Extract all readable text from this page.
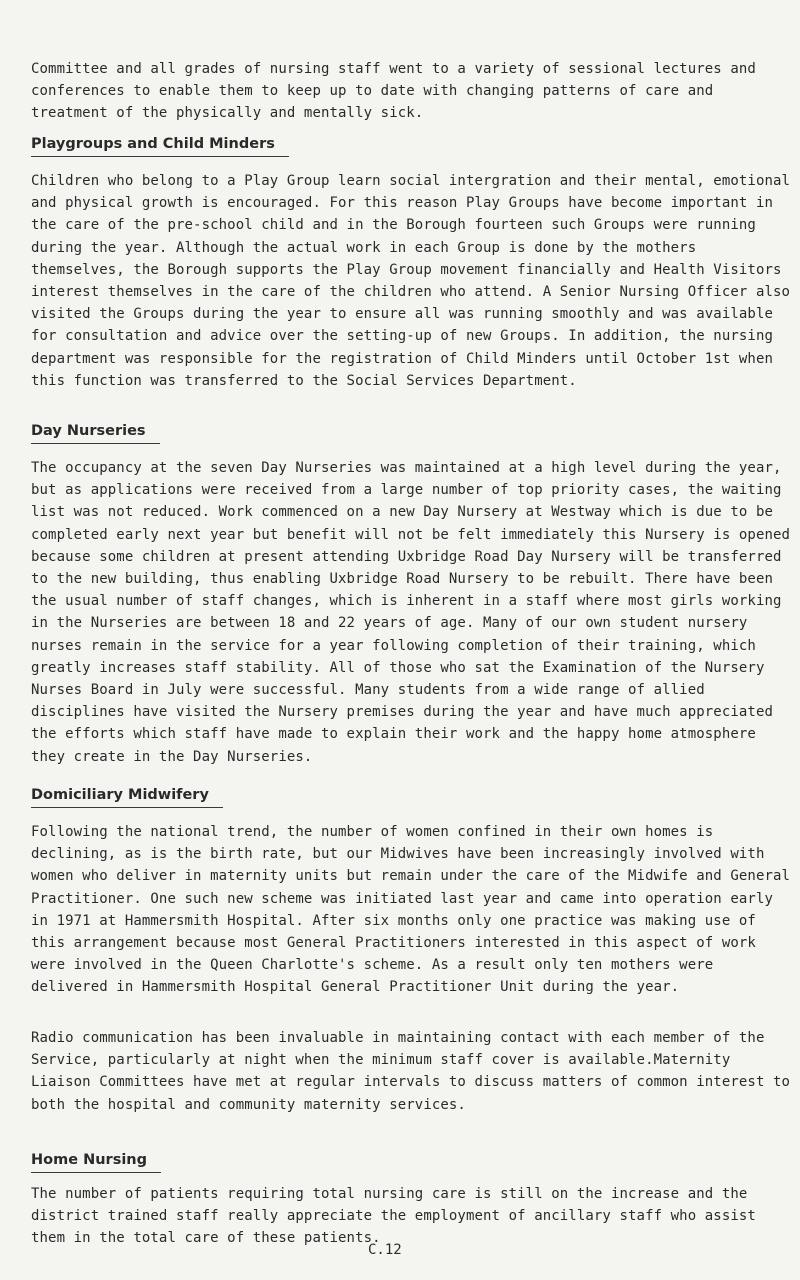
Committee and all grades of nursing staff went to a variety of sessional lectures and conferences to enable them to keep up to date with changing patterns of care and treatment of the physically and mentally sick.

Playgroups and Child Minders

Children who belong to a Play Group learn social intergration and their mental, emotional and physical growth is encouraged. For this reason Play Groups have become important in the care of the pre-school child and in the Borough fourteen such Groups were running during the year. Although the actual work in each Group is done by the mothers themselves, the Borough supports the Play Group movement financially and Health Visitors interest themselves in the care of the children who attend. A Senior Nursing Officer also visited the Groups during the year to ensure all was running smoothly and was available for consultation and advice over the setting-up of new Groups. In addition, the nursing department was responsible for the registration of Child Minders until October 1st when this function was transferred to the Social Services Department.

Day Nurseries

The occupancy at the seven Day Nurseries was maintained at a high level during the year, but as applications were received from a large number of top priority cases, the waiting list was not reduced. Work commenced on a new Day Nursery at Westway which is due to be completed early next year but benefit will not be felt immediately this Nursery is opened because some children at present attending Uxbridge Road Day Nursery will be transferred to the new building, thus enabling Uxbridge Road Nursery to be rebuilt. There have been the usual number of staff changes, which is inherent in a staff where most girls working in the Nurseries are between 18 and 22 years of age. Many of our own student nursery nurses remain in the service for a year following completion of their training, which greatly increases staff stability. All of those who sat the Examination of the Nursery Nurses Board in July were successful. Many students from a wide range of allied disciplines have visited the Nursery premises during the year and have much appreciated the efforts which staff have made to explain their work and the happy home atmosphere they create in the Day Nurseries.

Domiciliary Midwifery

Following the national trend, the number of women confined in their own homes is declining, as is the birth rate, but our Midwives have been increasingly involved with women who deliver in maternity units but remain under the care of the Midwife and General Practitioner. One such new scheme was initiated last year and came into operation early in 1971 at Hammersmith Hospital. After six months only one practice was making use of this arrangement because most General Practitioners interested in this aspect of work were involved in the Queen Charlotte's scheme. As a result only ten mothers were delivered in Hammersmith Hospital General Practitioner Unit during the year.

Radio communication has been invaluable in maintaining contact with each member of the Service, particularly at night when the minimum staff cover is available.Maternity Liaison Committees have met at regular intervals to discuss matters of common interest to both the hospital and community maternity services.

Home Nursing

The number of patients requiring total nursing care is still on the increase and the district trained staff really appreciate the employment of ancillary staff who assist them in the total care of these patients.

C.12
